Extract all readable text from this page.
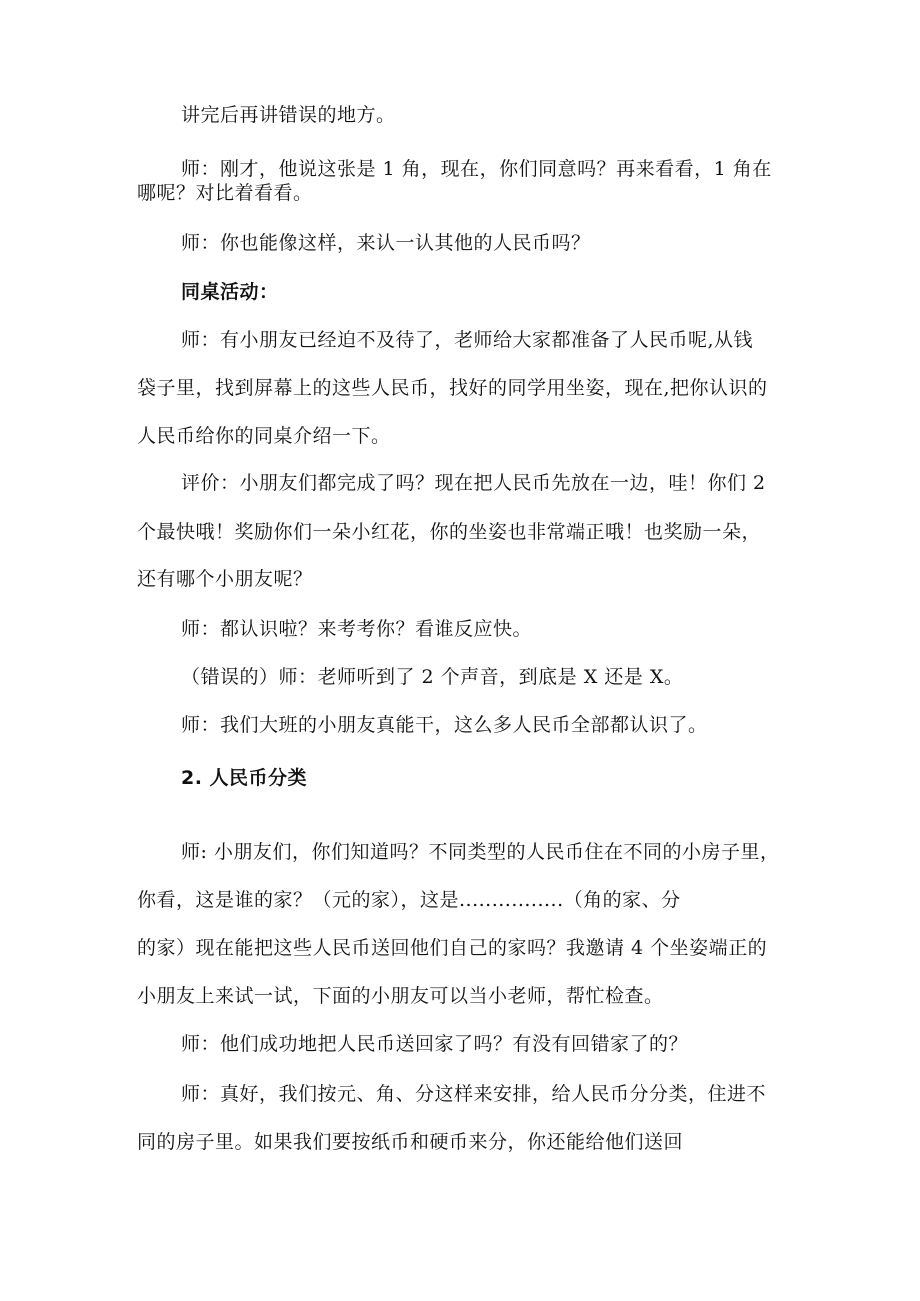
讲完后再讲错误的地方。
师：刚才，他说这张是 1 角，现在，你们同意吗？再来看看，1 角在
哪呢？对比着看看。
师：你也能像这样，来认一认其他的人民币吗？
同桌活动：
师：有小朋友已经迫不及待了，老师给大家都准备了人民币呢,从钱
袋子里，找到屏幕上的这些人民币，找好的同学用坐姿，现在,把你认识的
人民币给你的同桌介绍一下。
评价：小朋友们都完成了吗？现在把人民币先放在一边，哇！你们 2
个最快哦！奖励你们一朵小红花，你的坐姿也非常端正哦！也奖励一朵，
还有哪个小朋友呢？
师：都认识啦？来考考你？看谁反应快。
（错误的）师：老师听到了 2 个声音，到底是 X 还是 X。
师：我们大班的小朋友真能干，这么多人民币全部都认识了。
2. 人民币分类
师: 小朋友们，你们知道吗？不同类型的人民币住在不同的小房子里，
你看，这是谁的家？（元的家），这是................（角的家、分
的家）现在能把这些人民币送回他们自己的家吗？我邀请 4 个坐姿端正的
小朋友上来试一试，下面的小朋友可以当小老师，帮忙检查。
师：他们成功地把人民币送回家了吗？有没有回错家了的？
师：真好，我们按元、角、分这样来安排，给人民币分分类，住进不
同的房子里。如果我们要按纸币和硬币来分，你还能给他们送回
